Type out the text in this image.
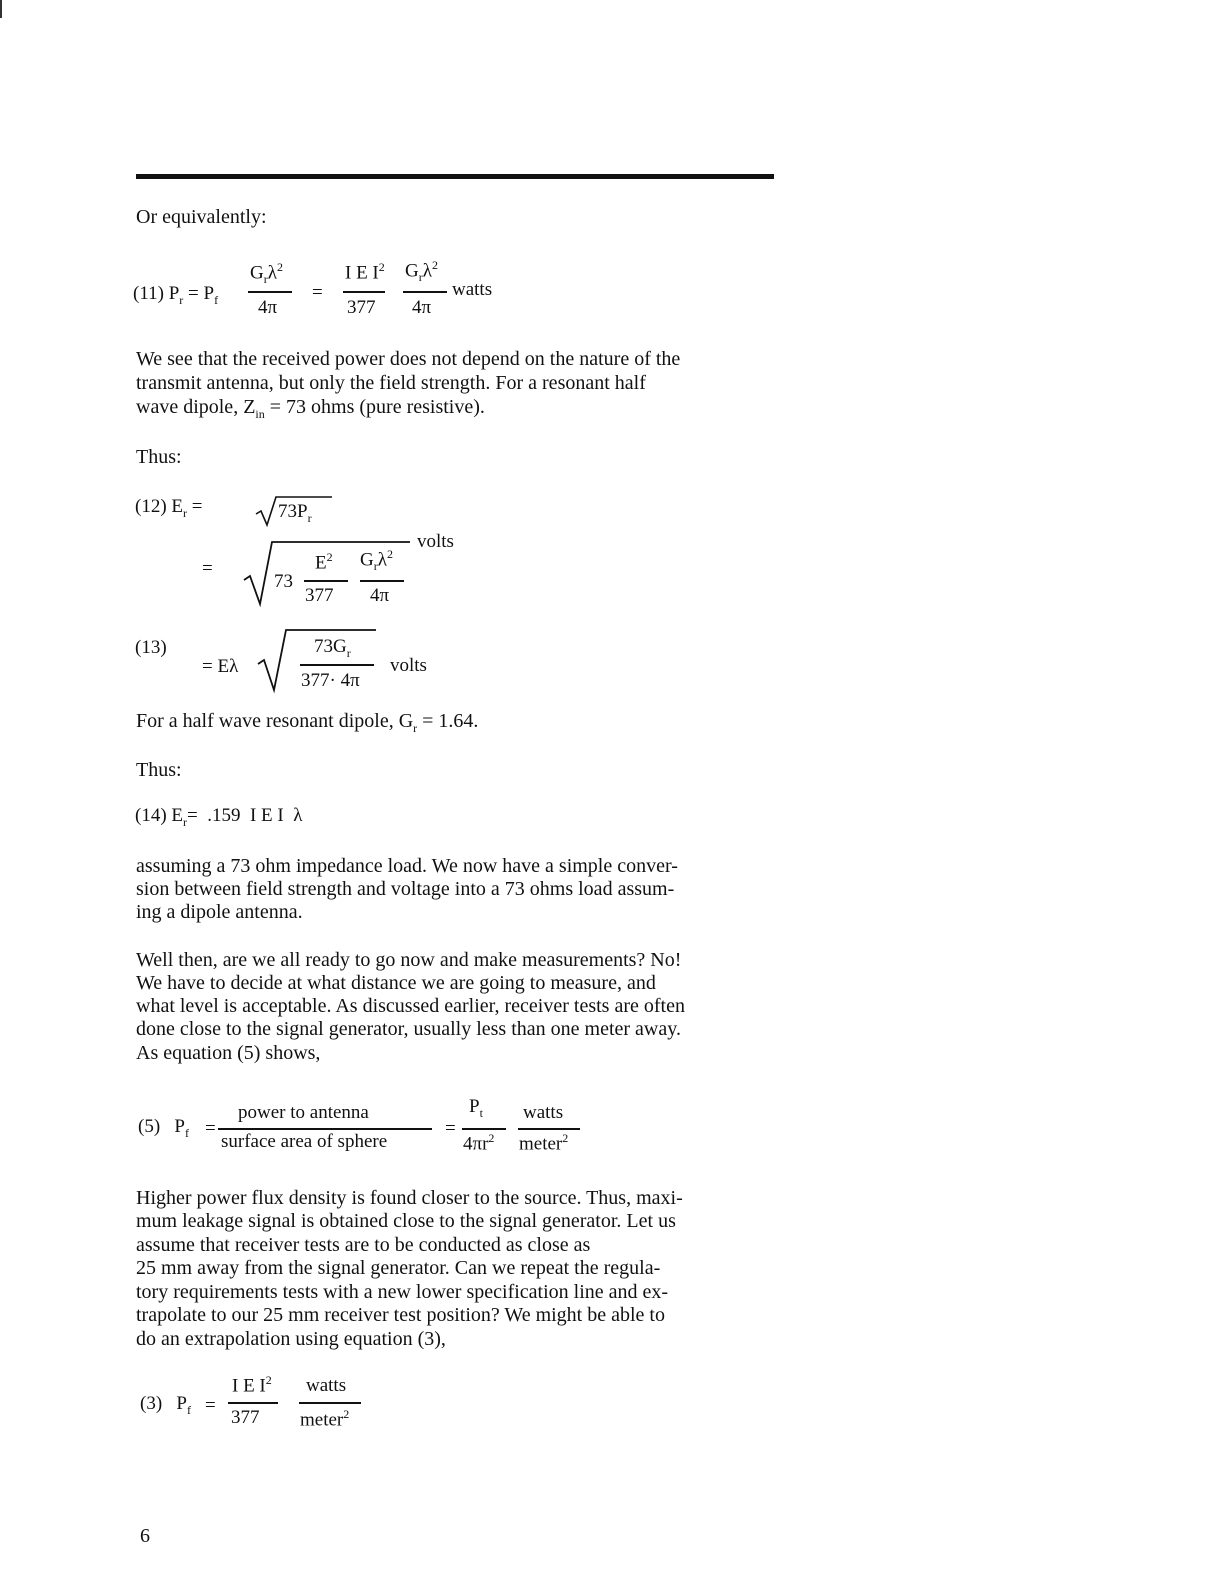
Or equivalently:
(11) $P_r = P_f$
$G_r\lambda^2$
4π
=
I E $I^2$
377
$G_r\lambda^2$
4π
watts
We see that the received power does not depend on the nature of the
transmit antenna, but only the field strength. For a resonant half
wave dipole, $Z_{in} = 73$ ohms (pure resistive).
Thus:
(12) $E_r$ =	$73P_r$
=
73
$E^2$
377
$G_r\lambda^2$
4π
volts
(13)
= Eλ
$73G_r$
377· 4π
volts
For a half wave resonant dipole, $G_r = 1.64$.
Thus:
(14) $E_r= .159$  I E I  λ
assuming a 73 ohm impedance load. We now have a simple conver-
sion between field strength and voltage into a 73 ohms load assum-
ing a dipole antenna.
Well then, are we all ready to go now and make measurements? No!
We have to decide at what distance we are going to measure, and
what level is acceptable. As discussed earlier, receiver tests are often
done close to the signal generator, usually less than one meter away.
As equation (5) shows,
(5)   $P_f$ =
power to antenna
surface area of sphere
=
$P_t$
$4\pi r^2$
watts
meter$^2$
Higher power flux density is found closer to the source. Thus, maxi-
mum leakage signal is obtained close to the signal generator. Let us
assume that receiver tests are to be conducted as close as
25 mm away from the signal generator. Can we repeat the regula-
tory requirements tests with a new lower specification line and ex-
trapolate to our 25 mm receiver test position? We might be able to
do an extrapolation using equation (3),
(3)   $P_f$ =
I E $I^2$
377
watts
meter$^2$
6
